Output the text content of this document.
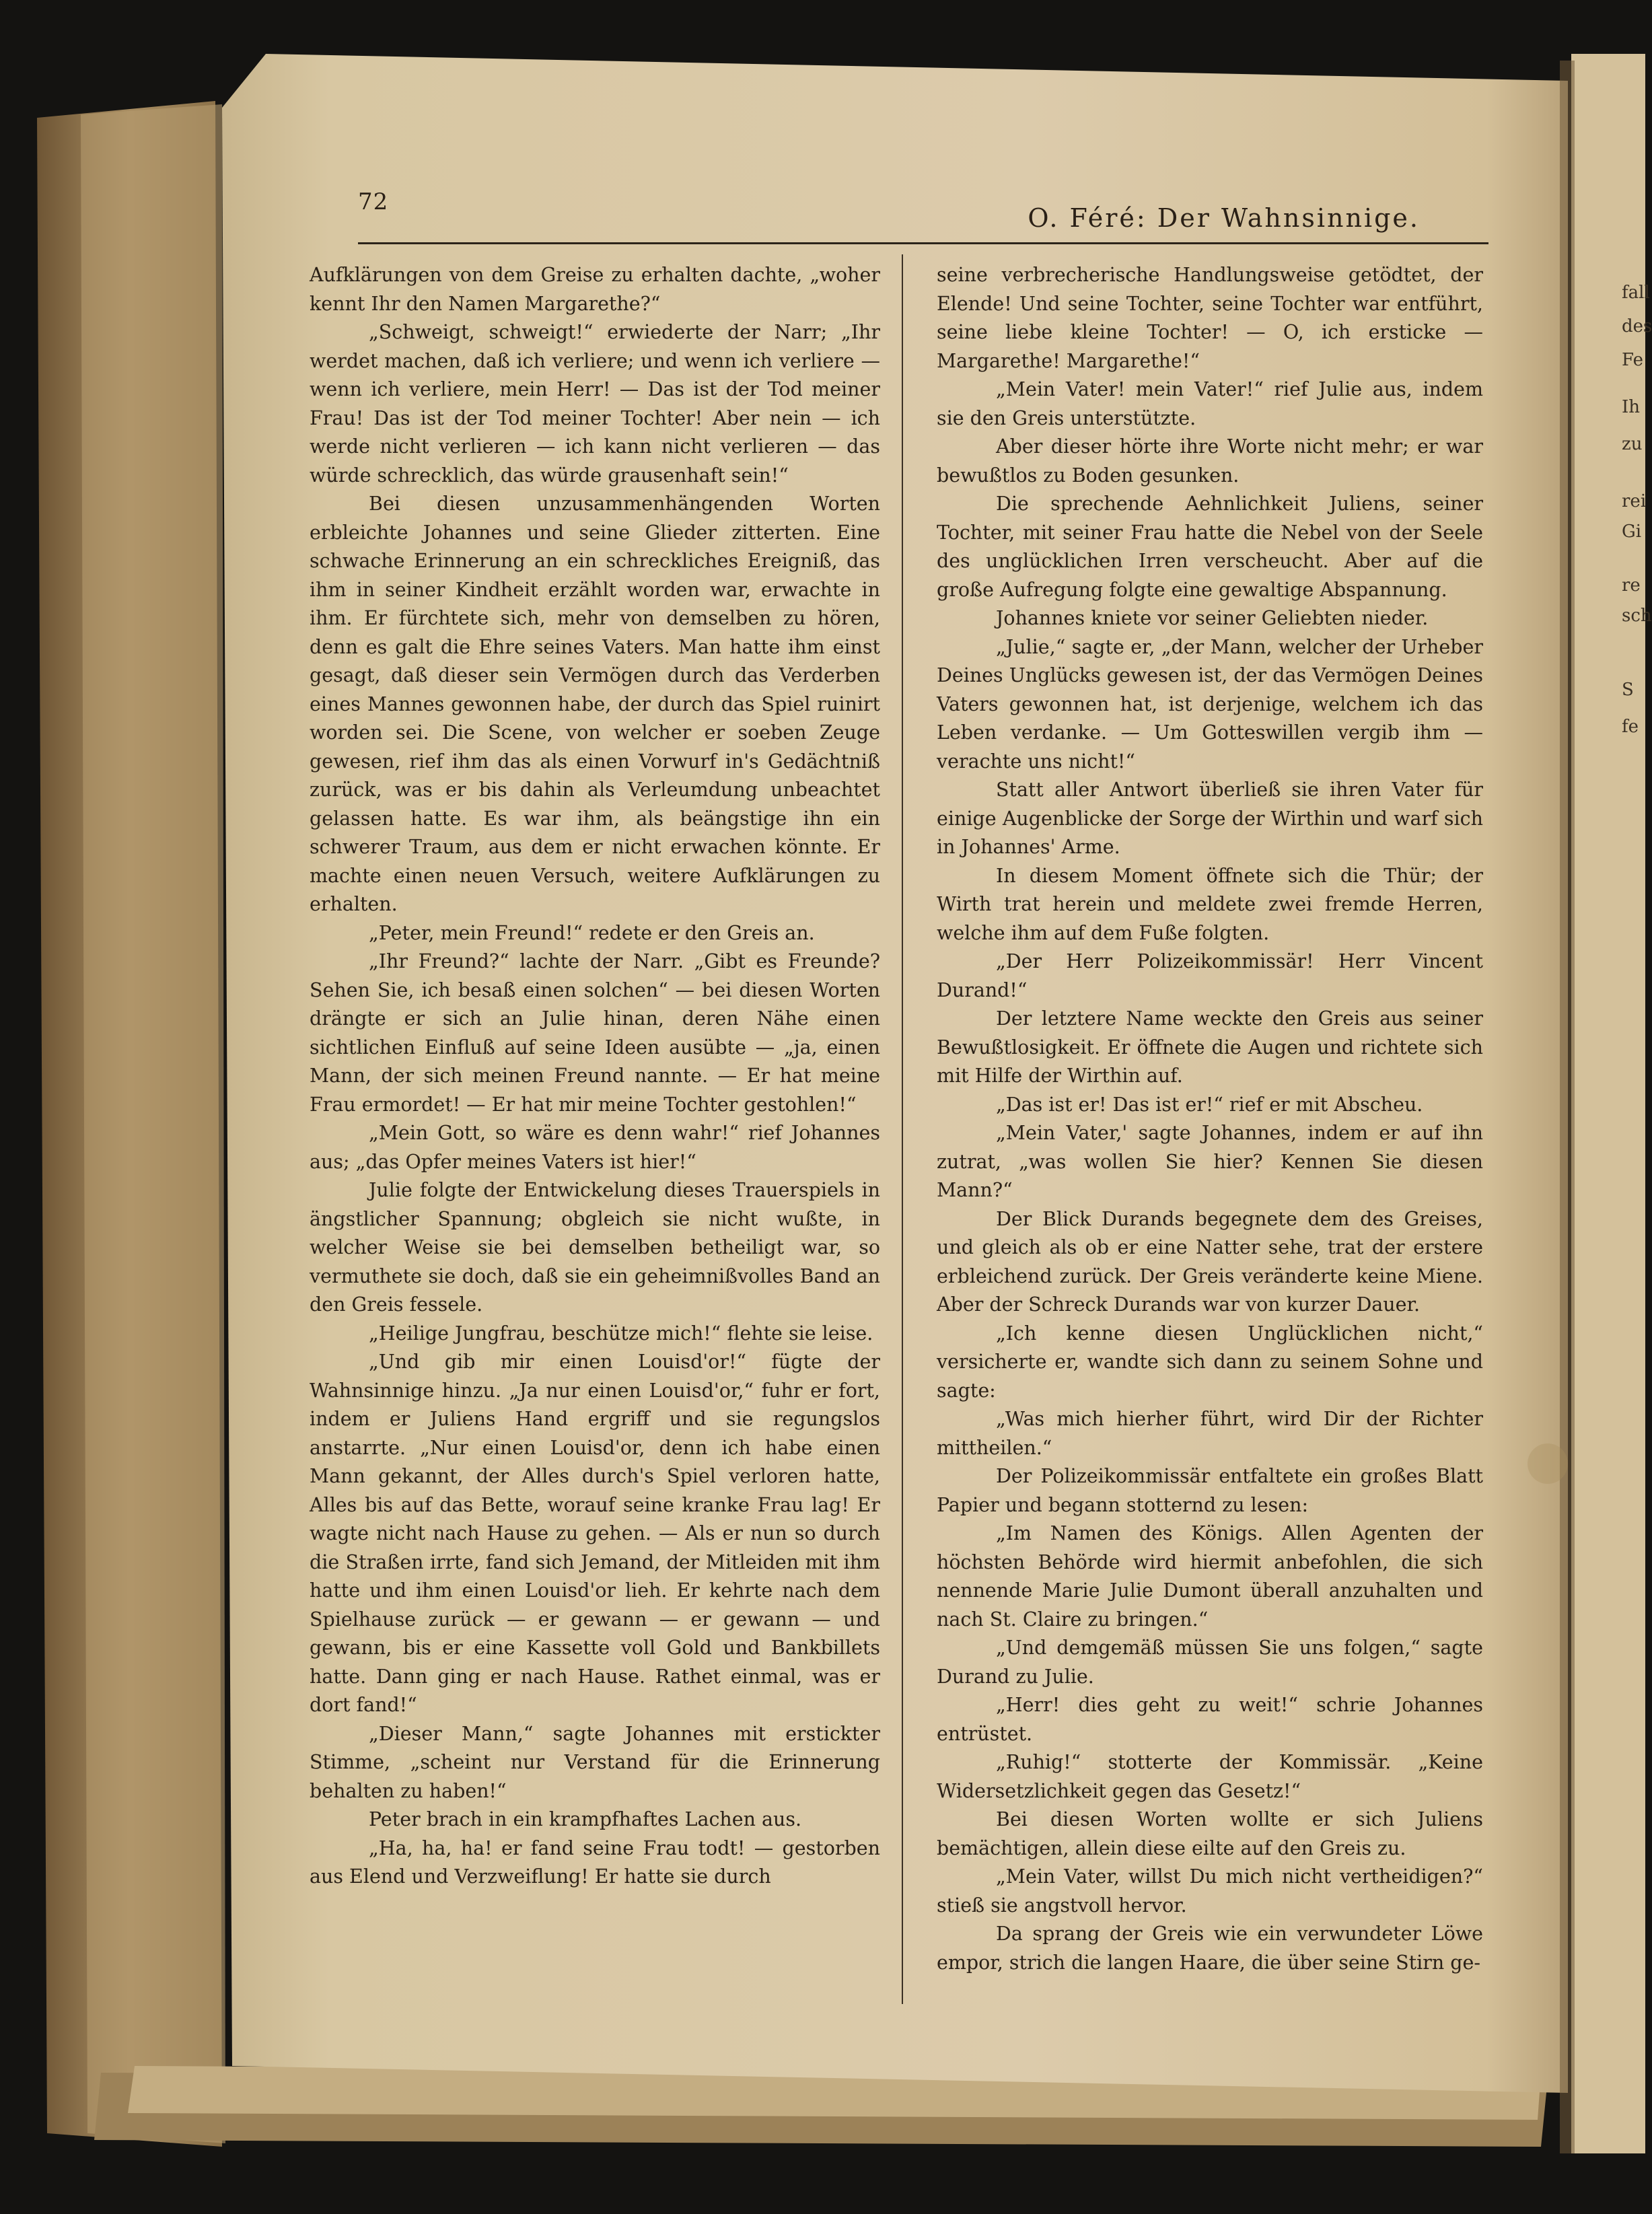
72
O. Féré: Der Wahnsinnige.

Aufklärungen von dem Greise zu erhalten dachte, „woher kennt Ihr den Namen Margarethe?“

„Schweigt, schweigt!“ erwiederte der Narr; „Ihr werdet machen, daß ich verliere; und wenn ich verliere — wenn ich verliere, mein Herr! — Das ist der Tod meiner Frau! Das ist der Tod meiner Tochter! Aber nein — ich werde nicht verlieren — ich kann nicht verlieren — das würde schrecklich, das würde grausenhaft sein!“

Bei diesen unzusammenhängenden Worten erbleichte Johannes und seine Glieder zitterten. Eine schwache Erinnerung an ein schreckliches Ereigniß, das ihm in seiner Kindheit erzählt worden war, erwachte in ihm. Er fürchtete sich, mehr von demselben zu hören, denn es galt die Ehre seines Vaters. Man hatte ihm einst gesagt, daß dieser sein Vermögen durch das Verderben eines Mannes gewonnen habe, der durch das Spiel ruinirt worden sei. Die Scene, von welcher er soeben Zeuge gewesen, rief ihm das als einen Vorwurf in's Gedächtniß zurück, was er bis dahin als Verleumdung unbeachtet gelassen hatte. Es war ihm, als beängstige ihn ein schwerer Traum, aus dem er nicht erwachen könnte. Er machte einen neuen Versuch, weitere Aufklärungen zu erhalten.

„Peter, mein Freund!“ redete er den Greis an.

„Ihr Freund?“ lachte der Narr. „Gibt es Freunde? Sehen Sie, ich besaß einen solchen“ — bei diesen Worten drängte er sich an Julie hinan, deren Nähe einen sichtlichen Einfluß auf seine Ideen ausübte — „ja, einen Mann, der sich meinen Freund nannte. — Er hat meine Frau ermordet! — Er hat mir meine Tochter gestohlen!“

„Mein Gott, so wäre es denn wahr!“ rief Johannes aus; „das Opfer meines Vaters ist hier!“

Julie folgte der Entwickelung dieses Trauerspiels in ängstlicher Spannung; obgleich sie nicht wußte, in welcher Weise sie bei demselben betheiligt war, so vermuthete sie doch, daß sie ein geheimnißvolles Band an den Greis fessele.

„Heilige Jungfrau, beschütze mich!“ flehte sie leise.

„Und gib mir einen Louisd'or!“ fügte der Wahnsinnige hinzu. „Ja nur einen Louisd'or,“ fuhr er fort, indem er Juliens Hand ergriff und sie regungslos anstarrte. „Nur einen Louisd'or, denn ich habe einen Mann gekannt, der Alles durch's Spiel verloren hatte, Alles bis auf das Bette, worauf seine kranke Frau lag! Er wagte nicht nach Hause zu gehen. — Als er nun so durch die Straßen irrte, fand sich Jemand, der Mitleiden mit ihm hatte und ihm einen Louisd'or lieh. Er kehrte nach dem Spielhause zurück — er gewann — er gewann — und gewann, bis er eine Kassette voll Gold und Bankbillets hatte. Dann ging er nach Hause. Rathet einmal, was er dort fand!“

„Dieser Mann,“ sagte Johannes mit erstickter Stimme, „scheint nur Verstand für die Erinnerung behalten zu haben!“

Peter brach in ein krampfhaftes Lachen aus.

„Ha, ha, ha! er fand seine Frau todt! — gestorben aus Elend und Verzweiflung! Er hatte sie durch

seine verbrecherische Handlungsweise getödtet, der Elende! Und seine Tochter, seine Tochter war entführt, seine liebe kleine Tochter! — O, ich ersticke — Margarethe! Margarethe!“

„Mein Vater! mein Vater!“ rief Julie aus, indem sie den Greis unterstützte.

Aber dieser hörte ihre Worte nicht mehr; er war bewußtlos zu Boden gesunken.

Die sprechende Aehnlichkeit Juliens, seiner Tochter, mit seiner Frau hatte die Nebel von der Seele des unglücklichen Irren verscheucht. Aber auf die große Aufregung folgte eine gewaltige Abspannung.

Johannes kniete vor seiner Geliebten nieder.

„Julie,“ sagte er, „der Mann, welcher der Urheber Deines Unglücks gewesen ist, der das Vermögen Deines Vaters gewonnen hat, ist derjenige, welchem ich das Leben verdanke. — Um Gotteswillen vergib ihm — verachte uns nicht!“

Statt aller Antwort überließ sie ihren Vater für einige Augenblicke der Sorge der Wirthin und warf sich in Johannes' Arme.

In diesem Moment öffnete sich die Thür; der Wirth trat herein und meldete zwei fremde Herren, welche ihm auf dem Fuße folgten.

„Der Herr Polizeikommissär! Herr Vincent Durand!“

Der letztere Name weckte den Greis aus seiner Bewußtlosigkeit. Er öffnete die Augen und richtete sich mit Hilfe der Wirthin auf.

„Das ist er! Das ist er!“ rief er mit Abscheu.

„Mein Vater,' sagte Johannes, indem er auf ihn zutrat, „was wollen Sie hier? Kennen Sie diesen Mann?“

Der Blick Durands begegnete dem des Greises, und gleich als ob er eine Natter sehe, trat der erstere erbleichend zurück. Der Greis veränderte keine Miene. Aber der Schreck Durands war von kurzer Dauer.

„Ich kenne diesen Unglücklichen nicht,“ versicherte er, wandte sich dann zu seinem Sohne und sagte:

„Was mich hierher führt, wird Dir der Richter mittheilen.“

Der Polizeikommissär entfaltete ein großes Blatt Papier und begann stotternd zu lesen:

„Im Namen des Königs. Allen Agenten der höchsten Behörde wird hiermit anbefohlen, die sich nennende Marie Julie Dumont überall anzuhalten und nach St. Claire zu bringen.“

„Und demgemäß müssen Sie uns folgen,“ sagte Durand zu Julie.

„Herr! dies geht zu weit!“ schrie Johannes entrüstet.

„Ruhig!“ stotterte der Kommissär. „Keine Widersetzlichkeit gegen das Gesetz!“

Bei diesen Worten wollte er sich Juliens bemächtigen, allein diese eilte auf den Greis zu.

„Mein Vater, willst Du mich nicht vertheidigen?“ stieß sie angstvoll hervor.

Da sprang der Greis wie ein verwundeter Löwe empor, strich die langen Haare, die über seine Stirn ge-

fall
des
Fe
Ih
zu
rei
Gi
re
sch
S
fe
